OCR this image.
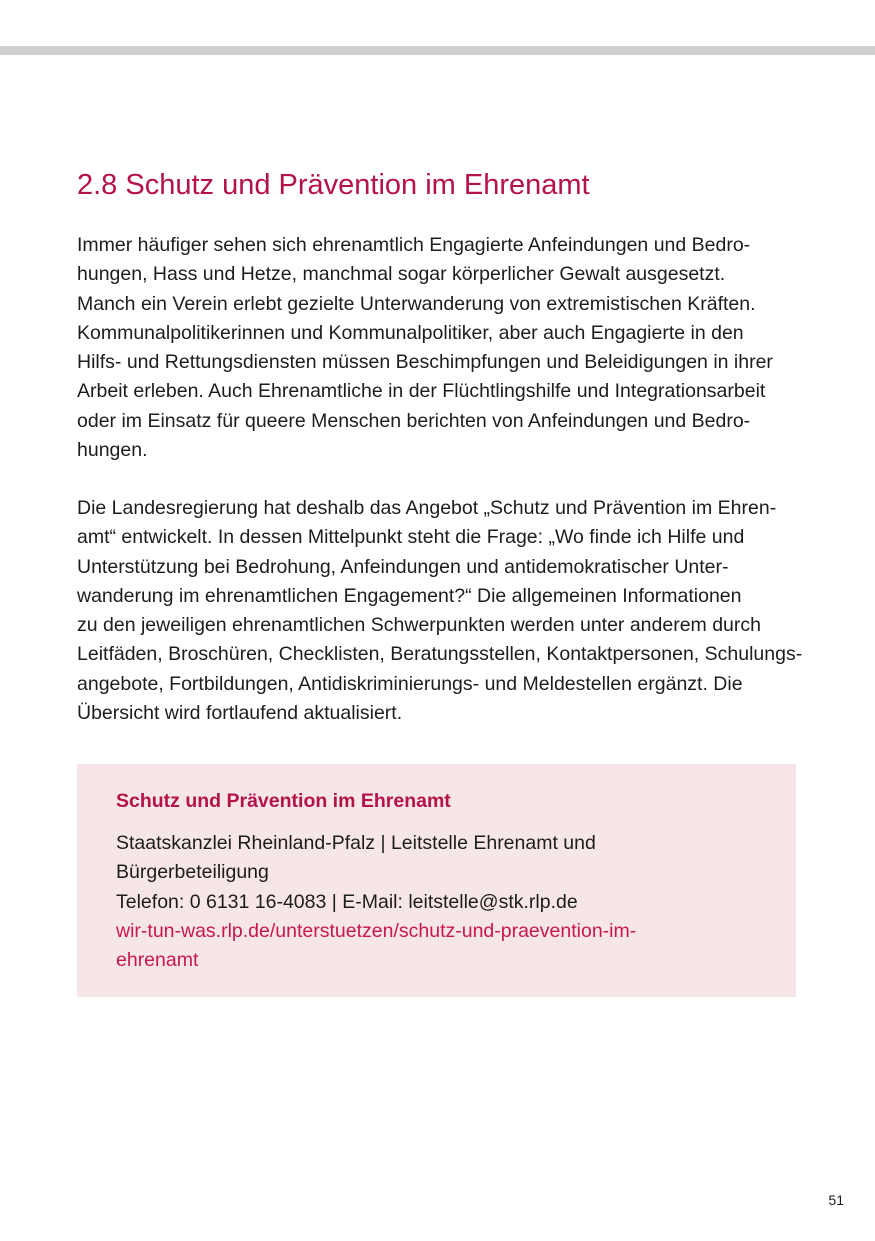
2.8 Schutz und Prävention im Ehrenamt
Immer häufiger sehen sich ehrenamtlich Engagierte Anfeindungen und Bedro-
hungen, Hass und Hetze, manchmal sogar körperlicher Gewalt ausgesetzt.
Manch ein Verein erlebt gezielte Unterwanderung von extremistischen Kräften.
Kommunalpolitikerinnen und Kommunalpolitiker, aber auch Engagierte in den
Hilfs- und Rettungsdiensten müssen Beschimpfungen und Beleidigungen in ihrer
Arbeit erleben. Auch Ehrenamtliche in der Flüchtlingshilfe und Integrationsarbeit
oder im Einsatz für queere Menschen berichten von Anfeindungen und Bedro-
hungen.
Die Landesregierung hat deshalb das Angebot „Schutz und Prävention im Ehren-
amt“ entwickelt. In dessen Mittelpunkt steht die Frage: „Wo finde ich Hilfe und
Unterstützung bei Bedrohung, Anfeindungen und antidemokratischer Unter-
wanderung im ehrenamtlichen Engagement?“ Die allgemeinen Informationen
zu den jeweiligen ehrenamtlichen Schwerpunkten werden unter anderem durch
Leitfäden, Broschüren, Checklisten, Beratungsstellen, Kontaktpersonen, Schulungs-
angebote, Fortbildungen, Antidiskriminierungs- und Meldestellen ergänzt. Die
Übersicht wird fortlaufend aktualisiert.
Schutz und Prävention im Ehrenamt
Staatskanzlei Rheinland-Pfalz | Leitstelle Ehrenamt und
Bürgerbeteiligung
Telefon: 0 6131 16-4083 | E-Mail: leitstelle@stk.rlp.de
wir-tun-was.rlp.de/unterstuetzen/schutz-und-praevention-im-
ehrenamt
51
